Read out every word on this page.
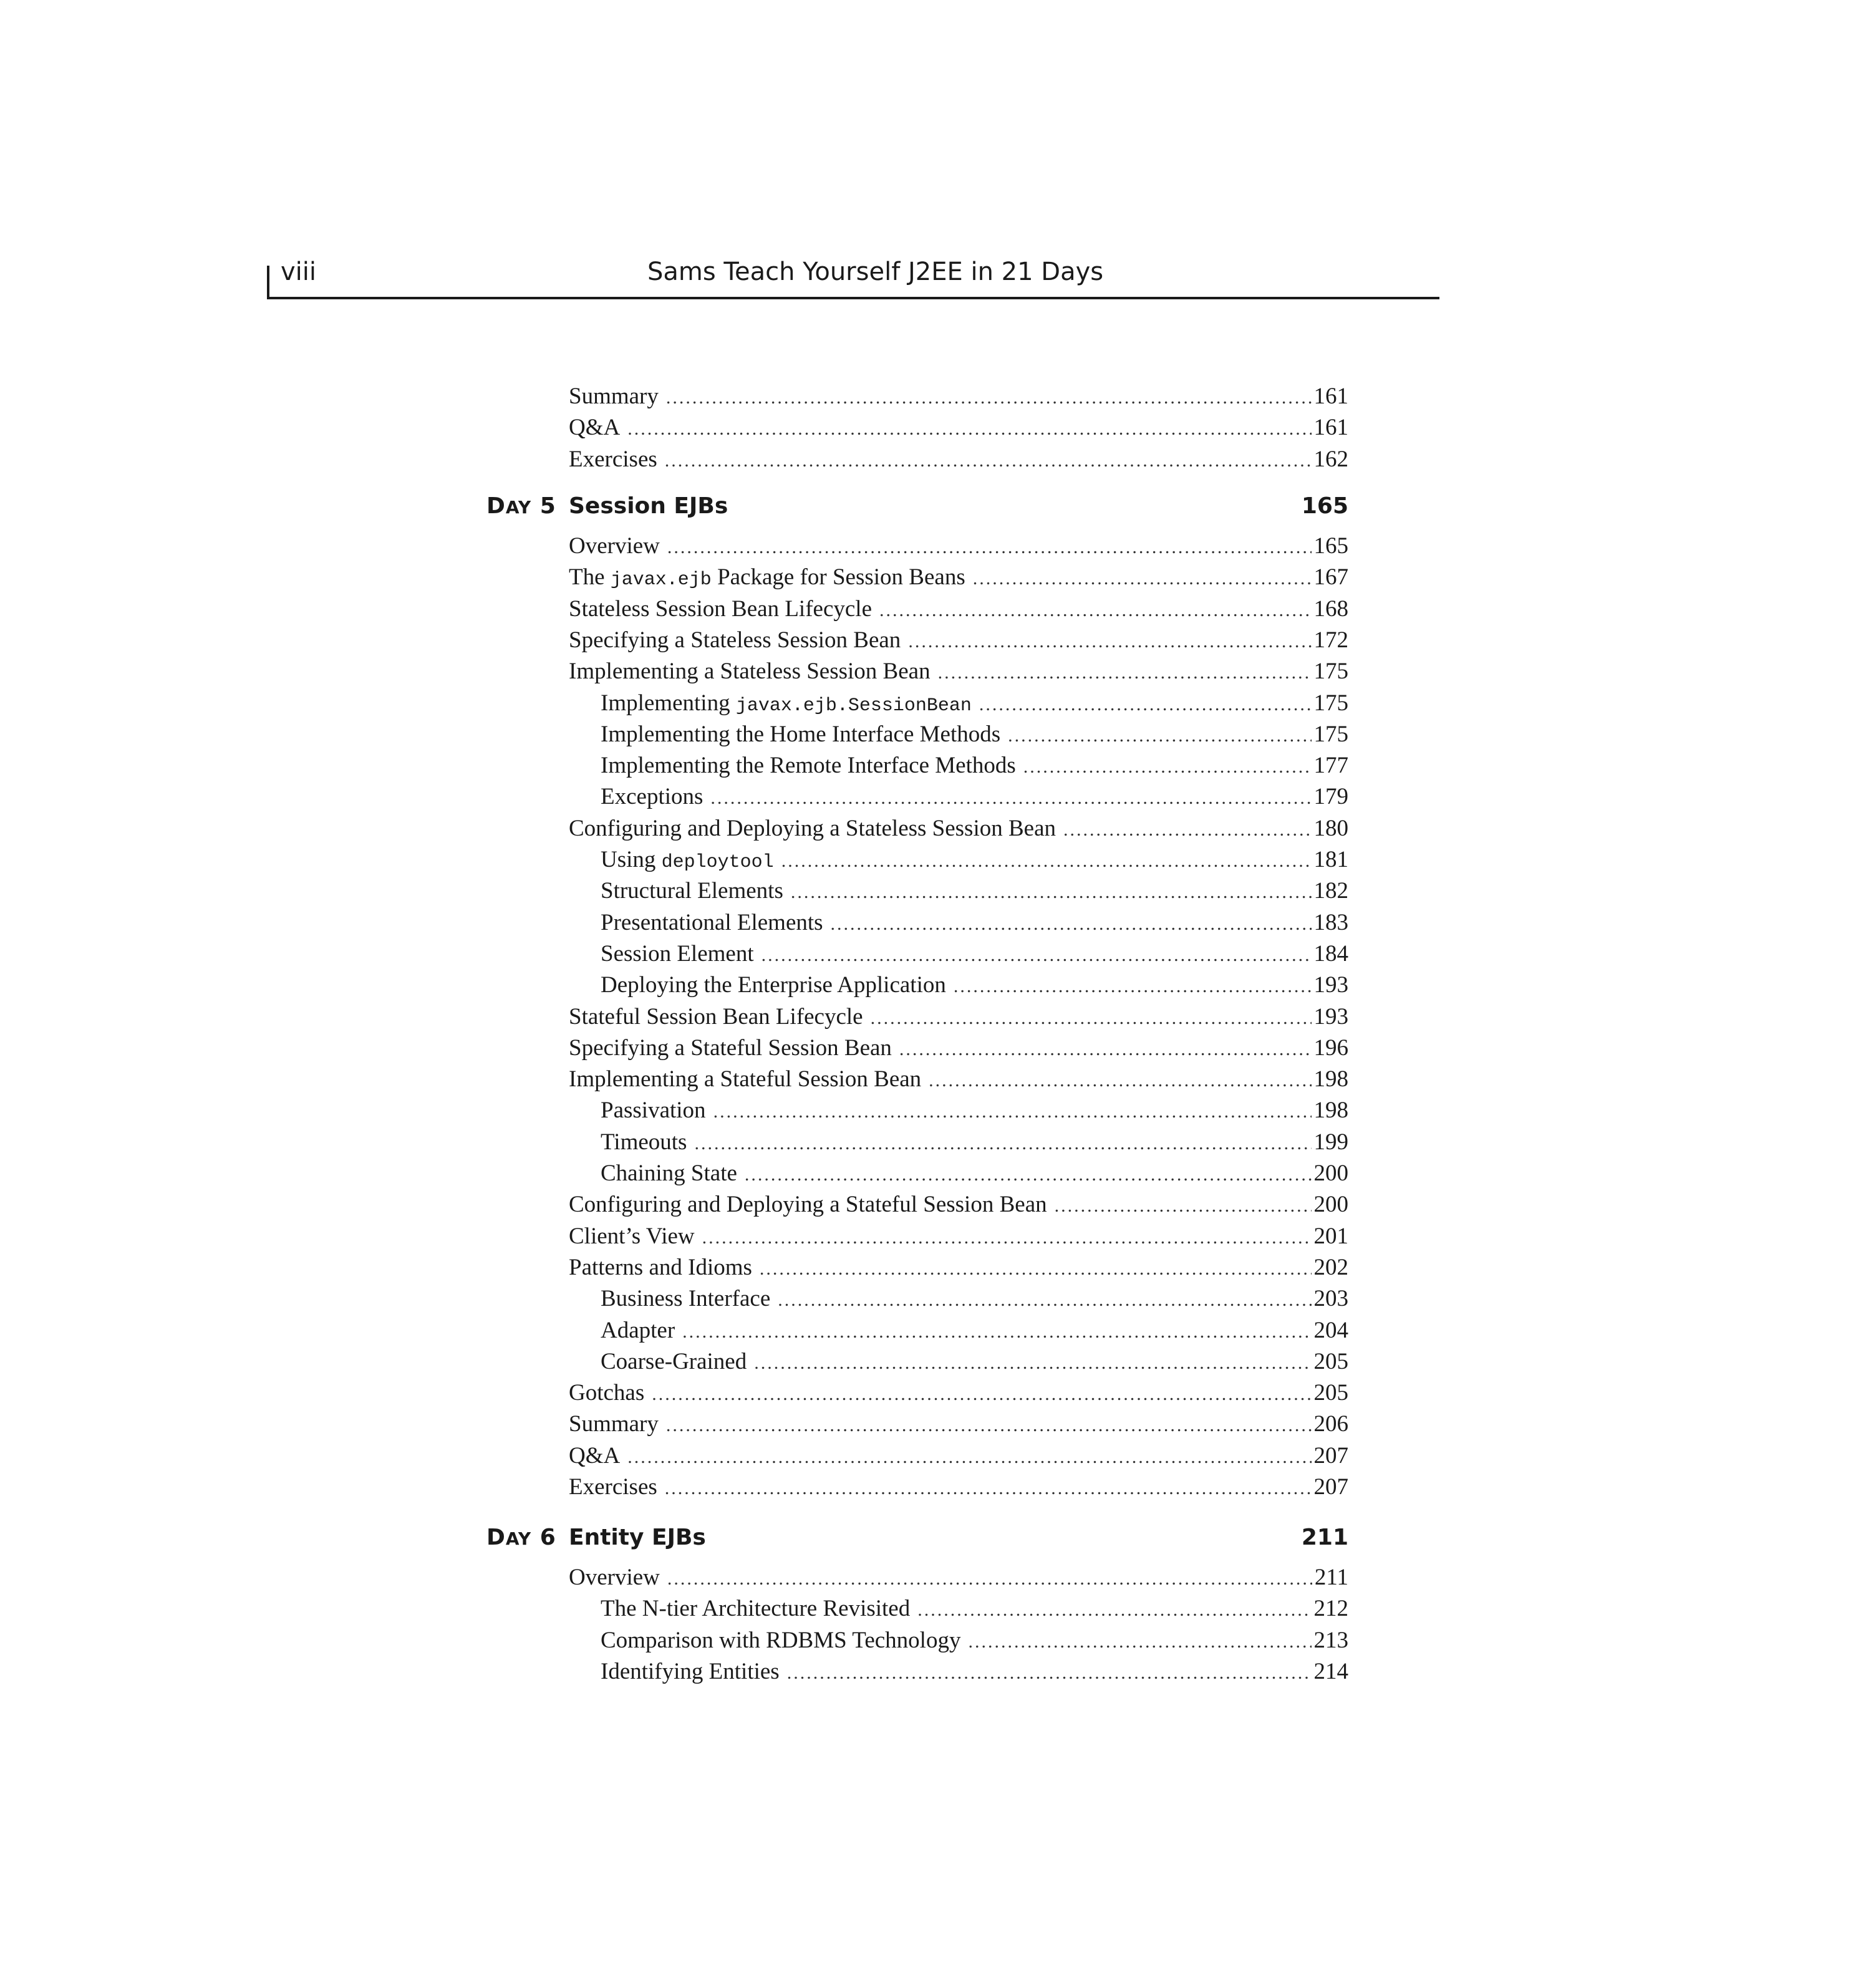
viii	Sams Teach Yourself J2EE in 21 Days
Summary .....	161
Q&A .....	161
Exercises .....	162
DAY 5 Session EJBs	165
Overview .....	165
The javax.ejb Package for Session Beans .....	167
Stateless Session Bean Lifecycle .....	168
Specifying a Stateless Session Bean .....	172
Implementing a Stateless Session Bean .....	175
Implementing javax.ejb.SessionBean .....	175
Implementing the Home Interface Methods .....	175
Implementing the Remote Interface Methods .....	177
Exceptions .....	179
Configuring and Deploying a Stateless Session Bean .....	180
Using deploytool .....	181
Structural Elements .....	182
Presentational Elements .....	183
Session Element .....	184
Deploying the Enterprise Application .....	193
Stateful Session Bean Lifecycle .....	193
Specifying a Stateful Session Bean .....	196
Implementing a Stateful Session Bean .....	198
Passivation .....	198
Timeouts .....	199
Chaining State .....	200
Configuring and Deploying a Stateful Session Bean .....	200
Client’s View .....	201
Patterns and Idioms .....	202
Business Interface .....	203
Adapter .....	204
Coarse-Grained .....	205
Gotchas .....	205
Summary .....	206
Q&A .....	207
Exercises .....	207
DAY 6 Entity EJBs	211
Overview .....	211
The N-tier Architecture Revisited .....	212
Comparison with RDBMS Technology .....	213
Identifying Entities .....	214
